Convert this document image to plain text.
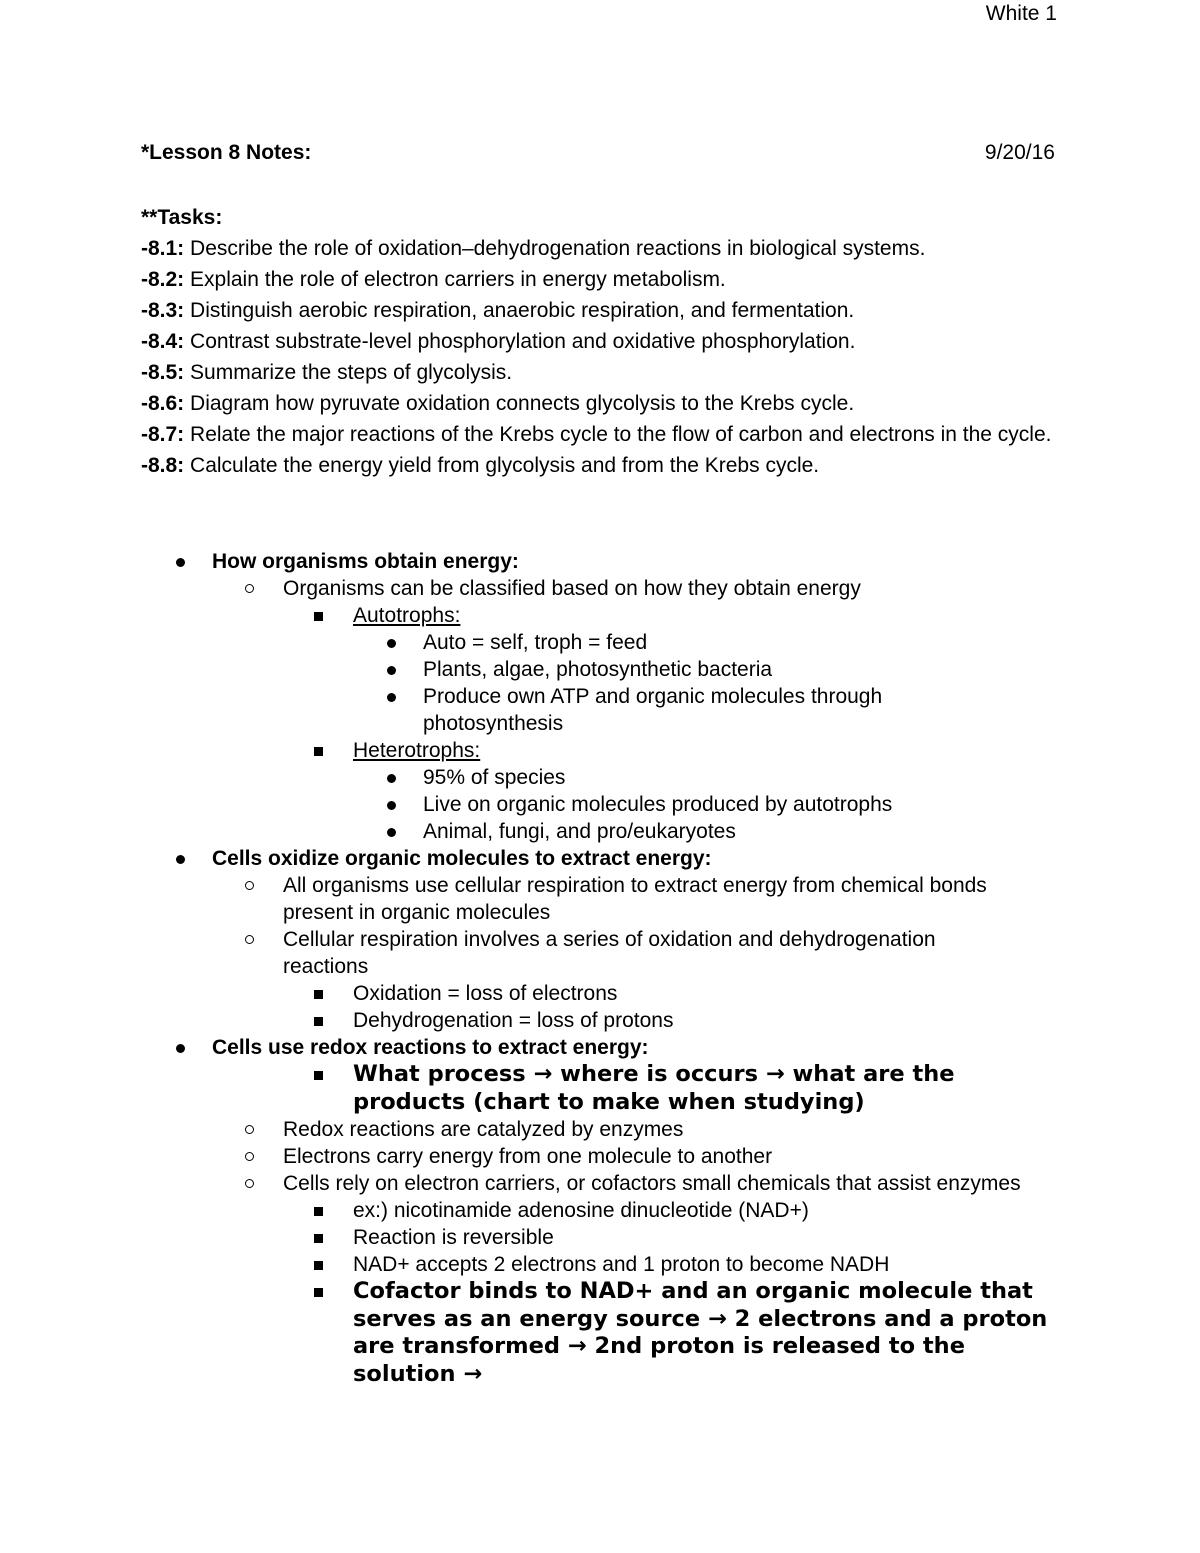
White 1
*Lesson 8 Notes:	9/20/16
**Tasks:
-8.1: Describe the role of oxidation–dehydrogenation reactions in biological systems.
-8.2: Explain the role of electron carriers in energy metabolism.
-8.3: Distinguish aerobic respiration, anaerobic respiration, and fermentation.
-8.4: Contrast substrate-level phosphorylation and oxidative phosphorylation.
-8.5: Summarize the steps of glycolysis.
-8.6: Diagram how pyruvate oxidation connects glycolysis to the Krebs cycle.
-8.7: Relate the major reactions of the Krebs cycle to the flow of carbon and electrons in the cycle.
-8.8: Calculate the energy yield from glycolysis and from the Krebs cycle.
How organisms obtain energy:
Organisms can be classified based on how they obtain energy
Autotrophs:
Auto = self, troph = feed
Plants, algae, photosynthetic bacteria
Produce own ATP and organic molecules through photosynthesis
Heterotrophs:
95% of species
Live on organic molecules produced by autotrophs
Animal, fungi, and pro/eukaryotes
Cells oxidize organic molecules to extract energy:
All organisms use cellular respiration to extract energy from chemical bonds present in organic molecules
Cellular respiration involves a series of oxidation and dehydrogenation reactions
Oxidation = loss of electrons
Dehydrogenation = loss of protons
Cells use redox reactions to extract energy:
What process → where is occurs → what are the products (chart to make when studying)
Redox reactions are catalyzed by enzymes
Electrons carry energy from one molecule to another
Cells rely on electron carriers, or cofactors small chemicals that assist enzymes
ex:) nicotinamide adenosine dinucleotide (NAD+)
Reaction is reversible
NAD+ accepts 2 electrons and 1 proton to become NADH
Cofactor binds to NAD+ and an organic molecule that serves as an energy source → 2 electrons and a proton are transformed → 2nd proton is released to the solution →
